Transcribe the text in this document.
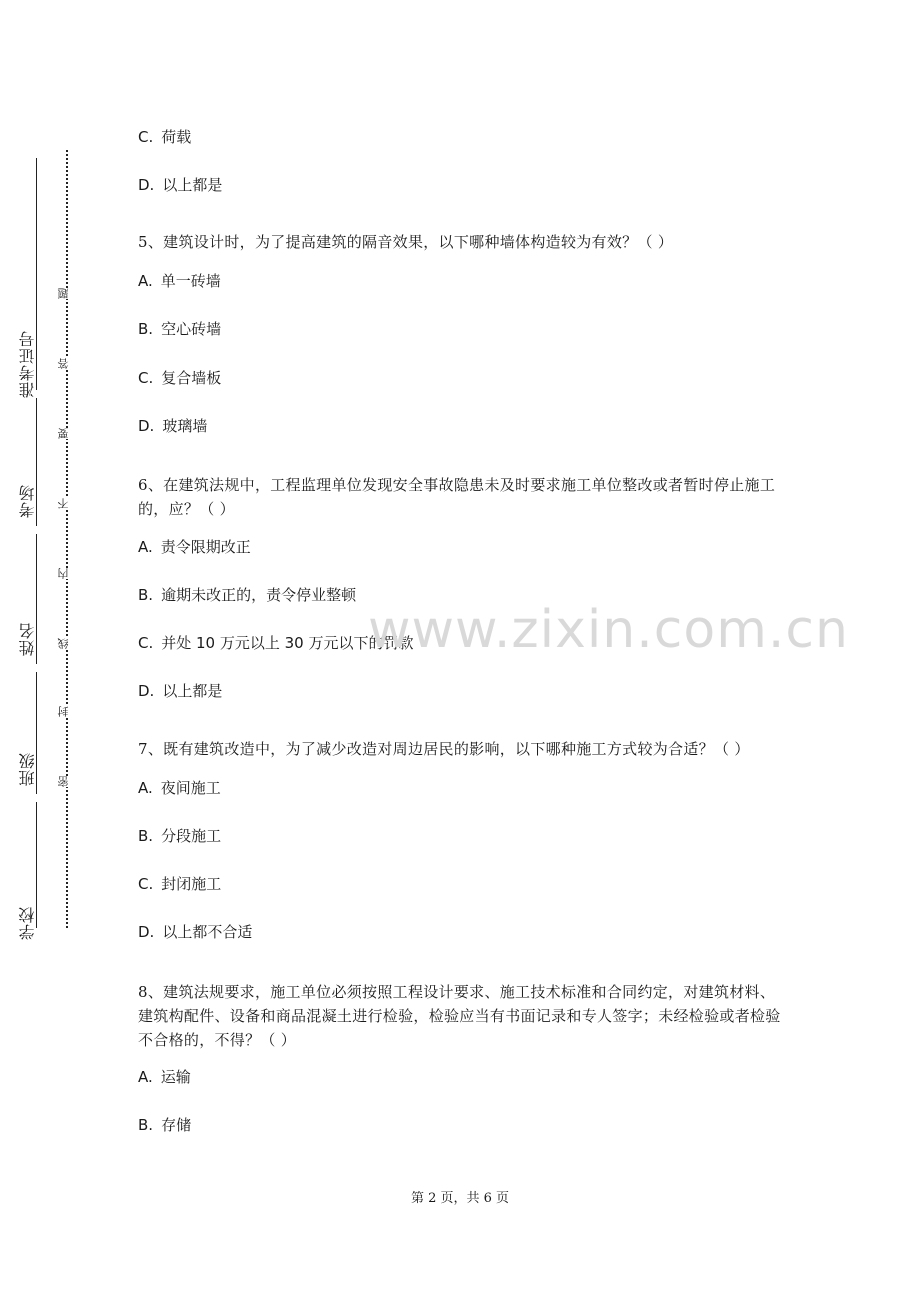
准考证号
考场
姓名
班级
学校
题
答
要
不
内
线
封
密
C. 荷载
D. 以上都是
5、建筑设计时，为了提高建筑的隔音效果，以下哪种墙体构造较为有效？（ ）
A. 单一砖墙
B. 空心砖墙
C. 复合墙板
D. 玻璃墙
6、在建筑法规中，工程监理单位发现安全事故隐患未及时要求施工单位整改或者暂时停止施工的，应？（ ）
A. 责令限期改正
B. 逾期未改正的，责令停业整顿
C. 并处 10 万元以上 30 万元以下的罚款
D. 以上都是
7、既有建筑改造中，为了减少改造对周边居民的影响，以下哪种施工方式较为合适？（ ）
A. 夜间施工
B. 分段施工
C. 封闭施工
D. 以上都不合适
8、建筑法规要求，施工单位必须按照工程设计要求、施工技术标准和合同约定，对建筑材料、建筑构配件、设备和商品混凝土进行检验，检验应当有书面记录和专人签字；未经检验或者检验不合格的，不得？（ ）
A. 运输
B. 存储
www.zixin.com.cn
第 2 页，共 6 页
